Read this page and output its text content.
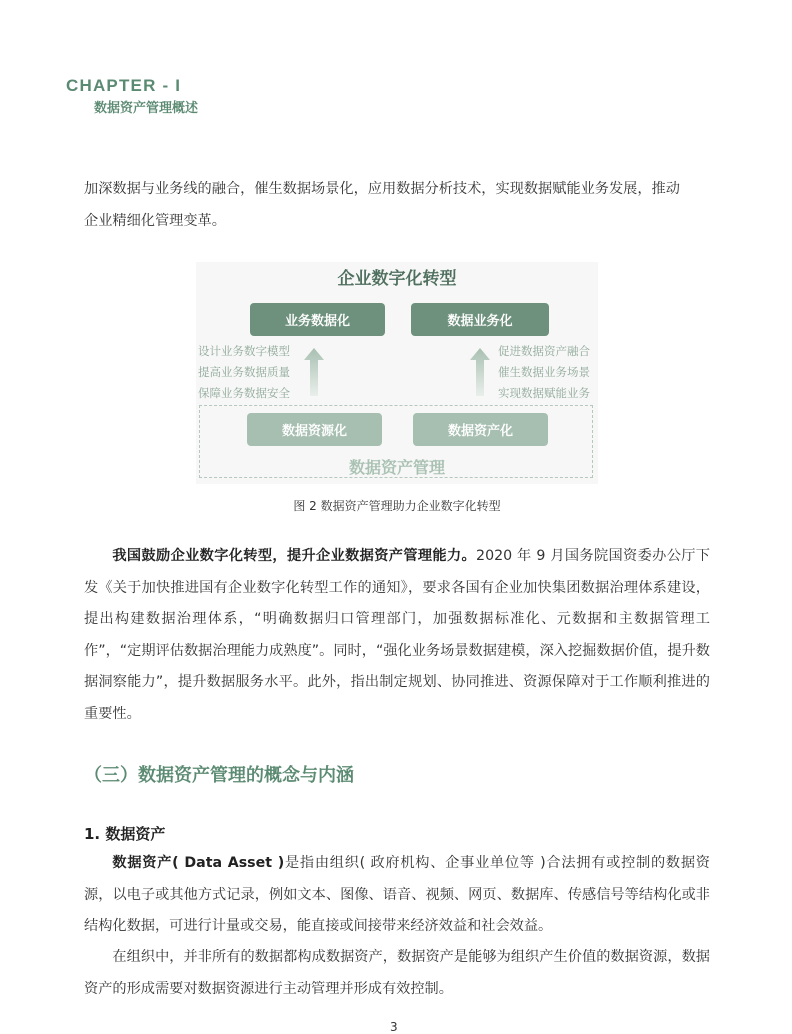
CHAPTER - I
数据资产管理概述
加深数据与业务线的融合，催生数据场景化，应用数据分析技术，实现数据赋能业务发展，推动
企业精细化管理变革。
企业数字化转型
业务数据化	数据业务化
设计业务数字模型
提高业务数据质量
保障业务数据安全
促进数据资产融合
催生数据业务场景
实现数据赋能业务
数据资源化	数据资产化
数据资产管理
图 2 数据资产管理助力企业数字化转型
我国鼓励企业数字化转型，提升企业数据资产管理能力。2020 年 9 月国务院国资委办公厅下发《关于加快推进国有企业数字化转型工作的通知》，要求各国有企业加快集团数据治理体系建设，提出构建数据治理体系，“明确数据归口管理部门，加强数据标准化、元数据和主数据管理工作”，“定期评估数据治理能力成熟度”。同时，“强化业务场景数据建模，深入挖掘数据价值，提升数据洞察能力”，提升数据服务水平。此外，指出制定规划、协同推进、资源保障对于工作顺利推进的重要性。
（三）数据资产管理的概念与内涵
1. 数据资产
数据资产( Data Asset )是指由组织( 政府机构、企事业单位等 )合法拥有或控制的数据资源，以电子或其他方式记录，例如文本、图像、语音、视频、网页、数据库、传感信号等结构化或非结构化数据，可进行计量或交易，能直接或间接带来经济效益和社会效益。
在组织中，并非所有的数据都构成数据资产，数据资产是能够为组织产生价值的数据资源，数据资产的形成需要对数据资源进行主动管理并形成有效控制。
3
